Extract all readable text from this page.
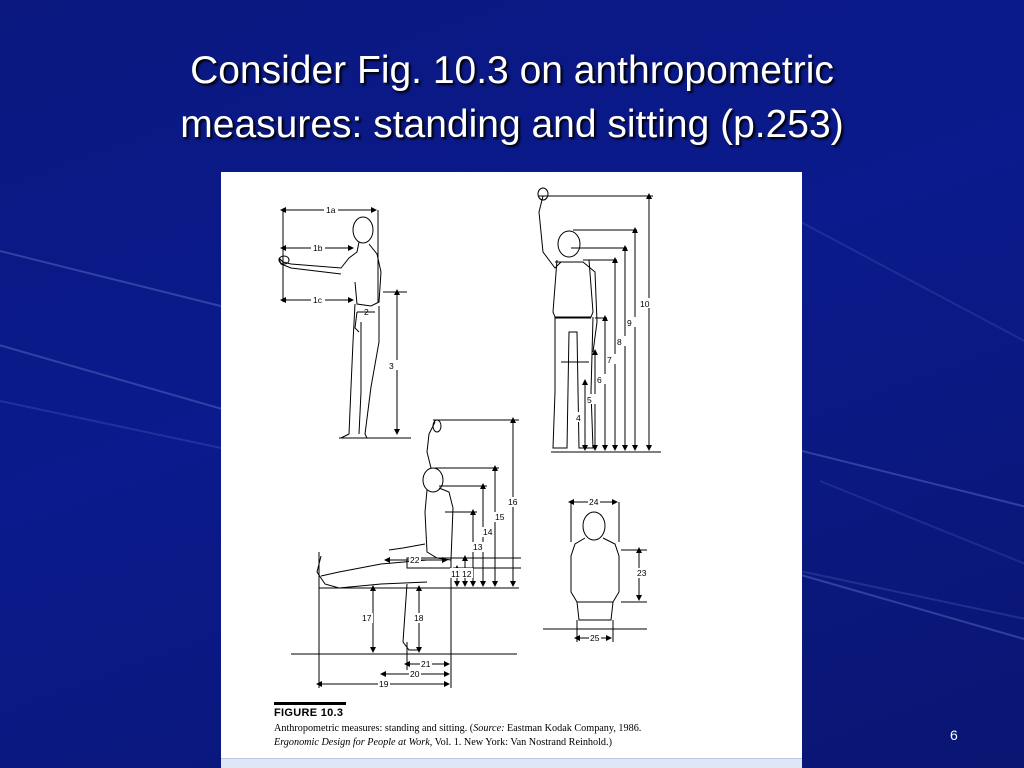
Consider Fig. 10.3 on anthropometric
measures: standing and sitting (p.253)
1a
1b
1c
2
3
4
5
6
7
8
9
10
11 12
13
14
15
16
17	18
19
20
21
22
23
24
25
FIGURE 10.3
Anthropometric measures: standing and sitting. (Source: Eastman Kodak Company, 1986.
Ergonomic Design for People at Work, Vol. 1. New York: Van Nostrand Reinhold.)	6
